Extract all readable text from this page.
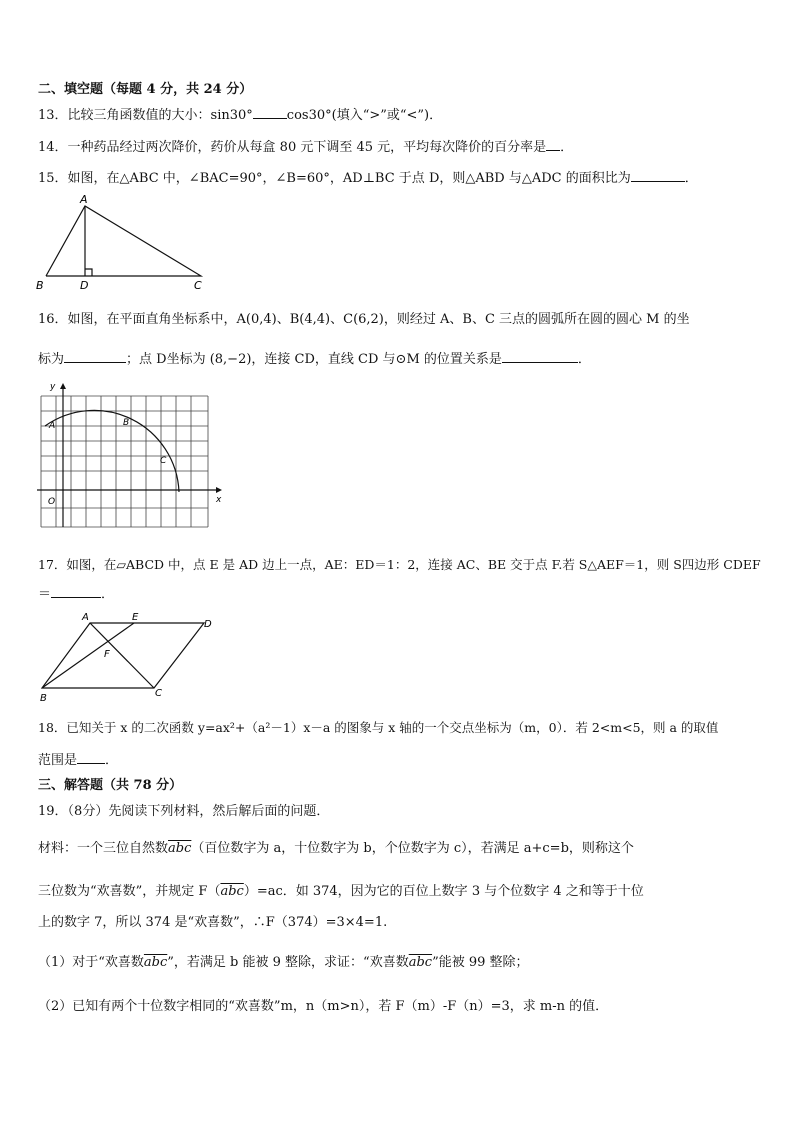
二、填空题（每题 4 分，共 24 分）
13．比较三角函数值的大小：sin30°	cos30°(填入“>”或“<”)．
14．一种药品经过两次降价，药价从每盒 80 元下调至 45 元，平均每次降价的百分率是 ．
15．如图，在△ABC 中，∠BAC=90°，∠B=60°，AD⊥BC 于点 D，则△ABD 与△ADC 的面积比为	．
A
B	D	C
16．如图，在平面直角坐标系中，A(0,4)、B(4,4)、C(6,2)，则经过 A、B、C 三点的圆弧所在圆的圆心 M 的坐
标为	；点 D坐标为 (8,−2)，连接 CD，直线 CD 与⊙M 的位置关系是	．
y
x
O
A	B
C
17．如图，在▱ABCD 中，点 E 是 AD 边上一点，AE：ED＝1：2，连接 AC、BE 交于点 F.若 S△AEF＝1，则 S四边形 CDEF
＝	．
A	E
D
F
B	C
18．已知关于 x 的二次函数 y=ax²+（a²－1）x－a 的图象与 x 轴的一个交点坐标为（m，0）．若 2<m<5，则 a 的取值
范围是 ．
三、解答题（共 78 分）
19．（8分）先阅读下列材料，然后解后面的问题．
材料：一个三位自然数$\overline{abc}$（百位数字为 a，十位数字为 b，个位数字为 c），若满足 a+c=b，则称这个
三位数为“欢喜数”，并规定 $F(\overline{abc})=ac$．如 374，因为它的百位上数字 3 与个位数字 4 之和等于十位
上的数字 7，所以 374 是“欢喜数”，∴F（374）=3×4=1.
（1）对于“欢喜数$\overline{abc}$”，若满足 b 能被 9 整除，求证：“欢喜数$\overline{abc}$”能被 99 整除；
（2）已知有两个十位数字相同的“欢喜数”m，n（m>n），若 F（m）-F（n）=3，求 m-n 的值．
